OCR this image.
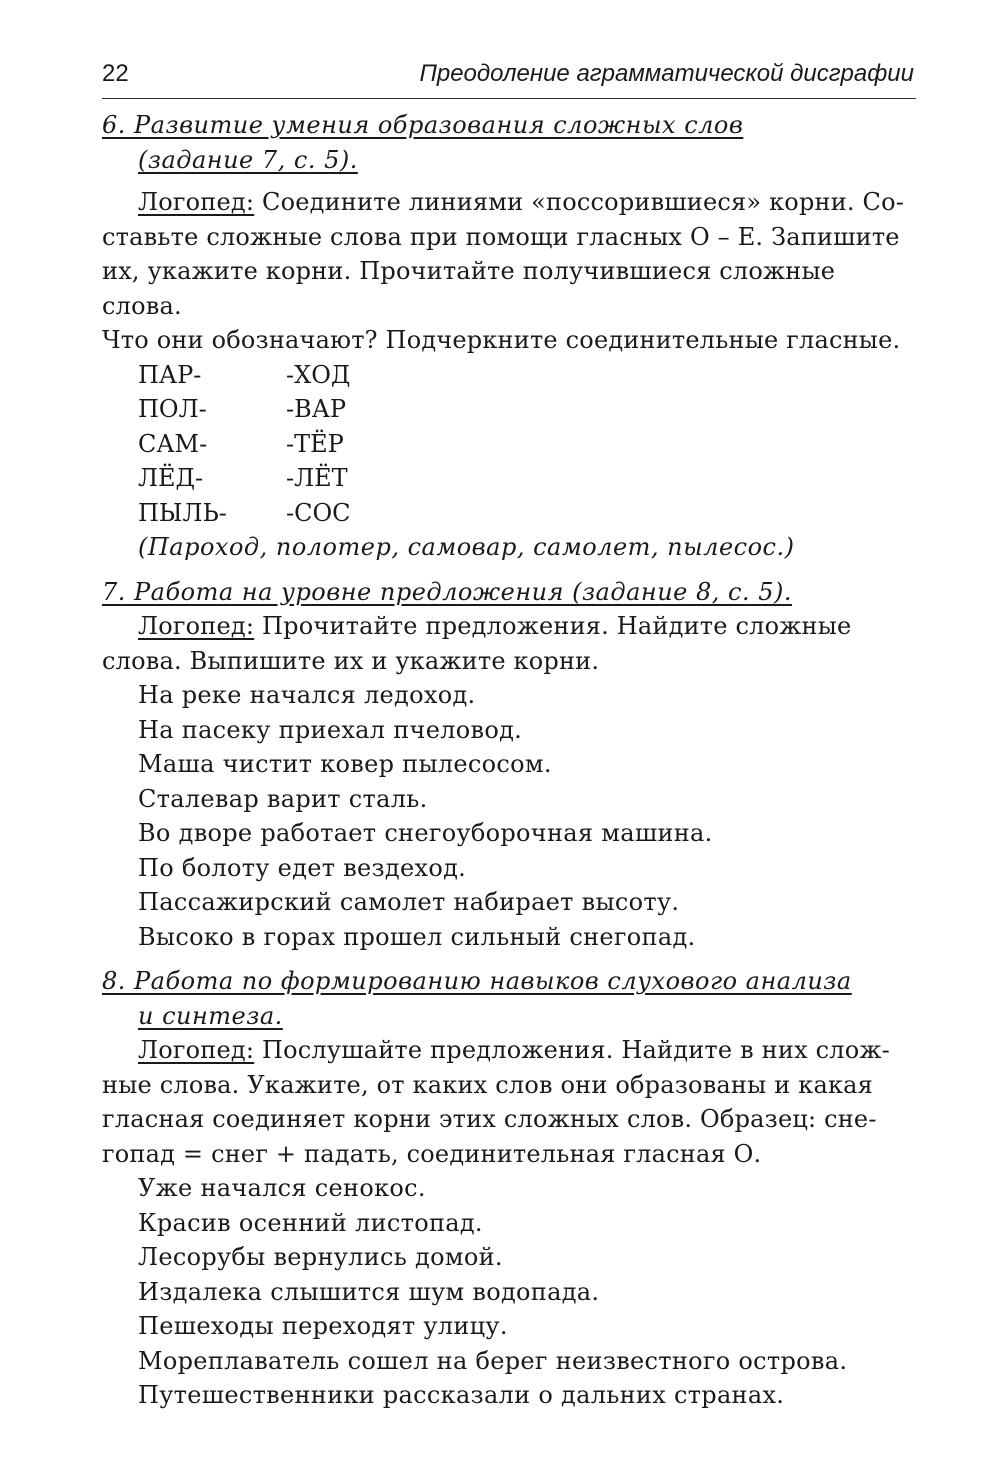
22	Преодоление аграмматической дисграфии
6. Развитие умения образования сложных слов
(задание 7, с. 5).
Логопед: Соедините линиями «поссорившиеся» корни. Со-
ставьте сложные слова при помощи гласных О – Е. Запишите
их, укажите корни. Прочитайте получившиеся сложные слова.
Что они обозначают? Подчеркните соединительные гласные.
ПАР-	-ХОД
ПОЛ-	-ВАР
САМ-	-ТЁР
ЛЁД-	-ЛЁТ
ПЫЛЬ-	-СОС
(Пароход, полотер, самовар, самолет, пылесос.)
7. Работа на уровне предложения (задание 8, с. 5).
Логопед: Прочитайте предложения. Найдите сложные
слова. Выпишите их и укажите корни.
На реке начался ледоход.
На пасеку приехал пчеловод.
Маша чистит ковер пылесосом.
Сталевар варит сталь.
Во дворе работает снегоуборочная машина.
По болоту едет вездеход.
Пассажирский самолет набирает высоту.
Высоко в горах прошел сильный снегопад.
8. Работа по формированию навыков слухового анализа
и синтеза.
Логопед: Послушайте предложения. Найдите в них слож-
ные слова. Укажите, от каких слов они образованы и какая
гласная соединяет корни этих сложных слов. Образец: сне-
гопад = снег + падать, соединительная гласная О.
Уже начался сенокос.
Красив осенний листопад.
Лесорубы вернулись домой.
Издалека слышится шум водопада.
Пешеходы переходят улицу.
Мореплаватель сошел на берег неизвестного острова.
Путешественники рассказали о дальних странах.
